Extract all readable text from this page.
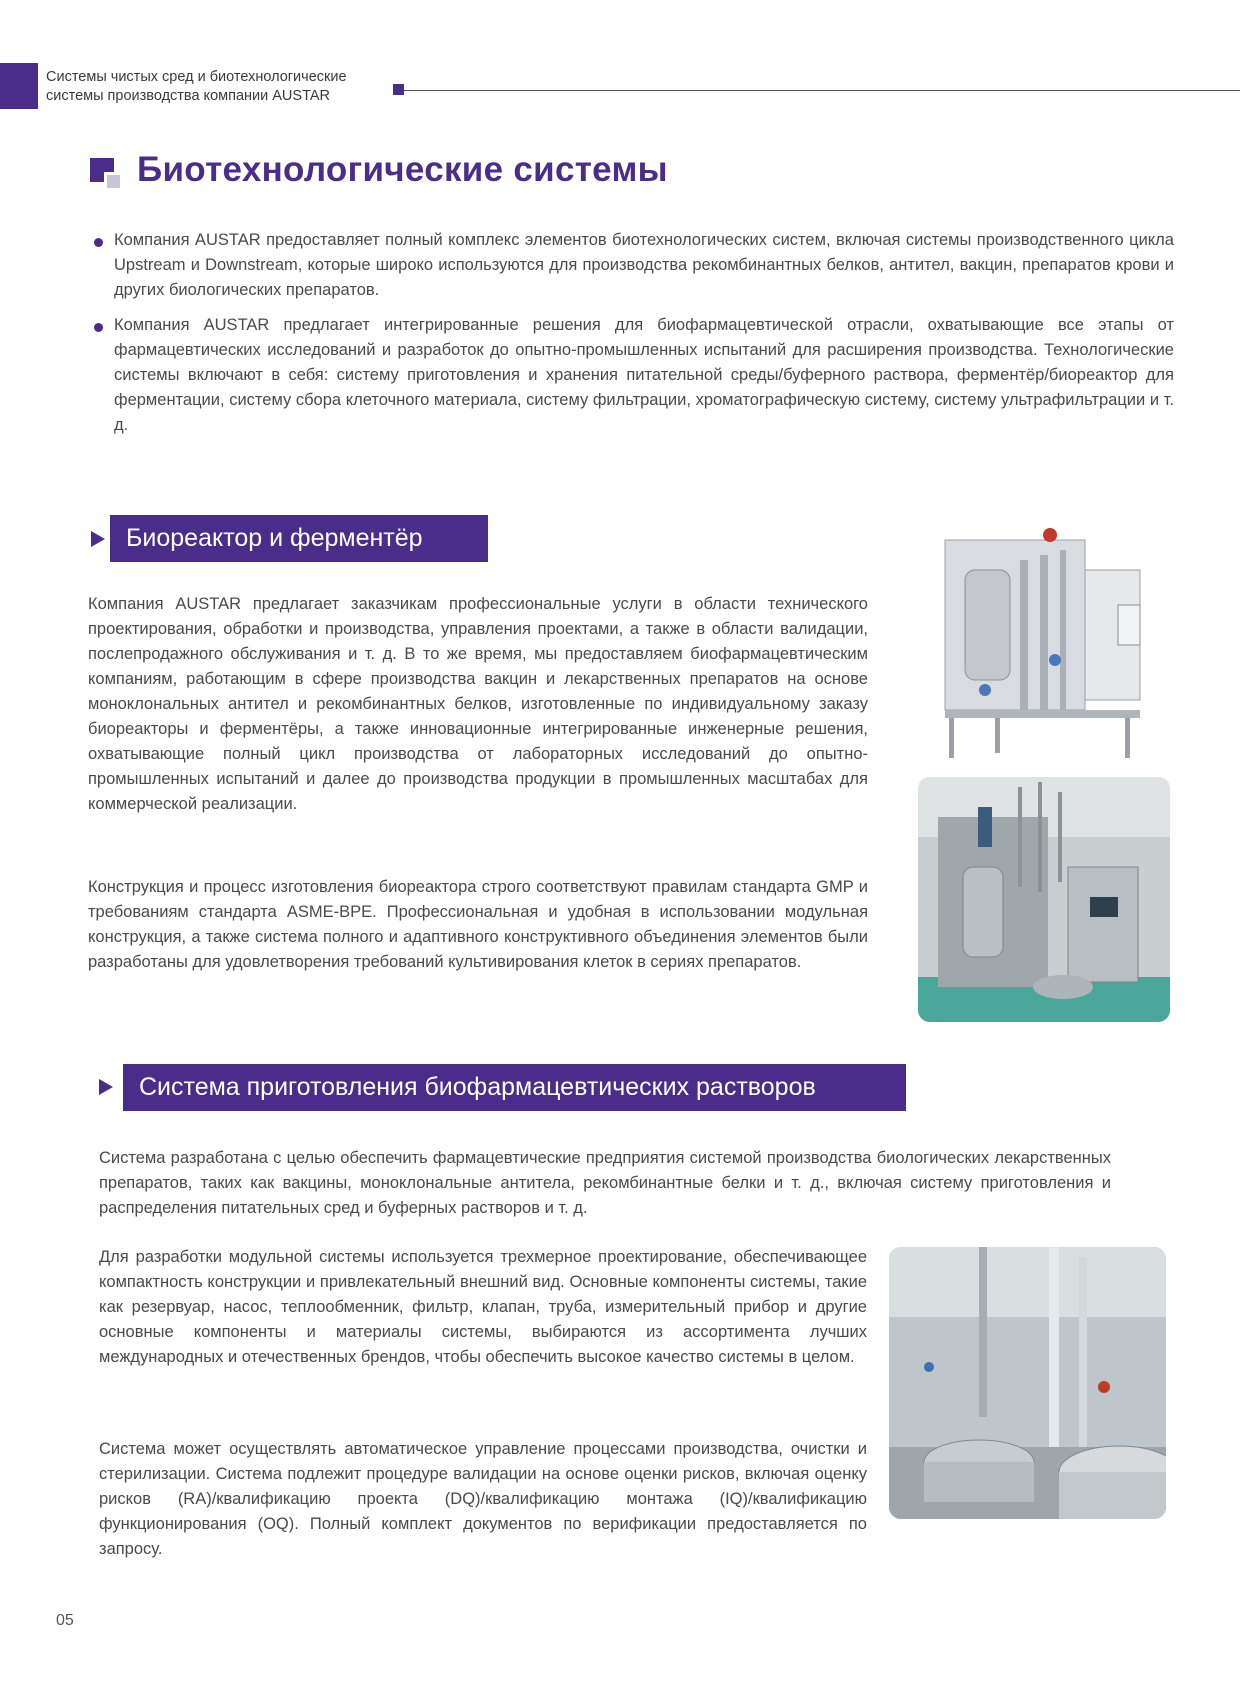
Системы чистых сред и биотехнологические
системы производства компании AUSTAR
Биотехнологические системы

Компания AUSTAR предоставляет полный комплекс элементов биотехнологических систем, включая системы производственного цикла Upstream и Downstream, которые широко используются для производства рекомбинантных белков, антител, вакцин, препаратов крови и других биологических препаратов.

Компания AUSTAR предлагает интегрированные решения для биофармацевтической отрасли, охватывающие все этапы от фармацевтических исследований и разработок до опытно-промышленных испытаний для расширения производства. Технологические системы включают в себя: систему приготовления и хранения питательной среды/буферного раствора, ферментёр/биореактор для ферментации, систему сбора клеточного материала, систему фильтрации, хроматографическую систему, систему ультрафильтрации и т. д.

Биореактор и ферментёр

Компания AUSTAR предлагает заказчикам профессиональные услуги в области технического проектирования, обработки и производства, управления проектами, а также в области валидации, послепродажного обслуживания и т. д. В то же время, мы предоставляем биофармацевтическим компаниям, работающим в сфере производства вакцин и лекарственных препаратов на основе моноклональных антител и рекомбинантных белков, изготовленные по индивидуальному заказу биореакторы и ферментёры, а также инновационные интегрированные инженерные решения, охватывающие полный цикл производства от лабораторных исследований до опытно-промышленных испытаний и далее до производства продукции в промышленных масштабах для коммерческой реализации.

Конструкция и процесс изготовления биореактора строго соответствуют правилам стандарта GMP и требованиям стандарта ASME-BPE. Профессиональная и удобная в использовании модульная конструкция, а также система полного и адаптивного конструктивного объединения элементов были разработаны для удовлетворения требований культивирования клеток в сериях препаратов.

Система приготовления биофармацевтических растворов

Система разработана с целью обеспечить фармацевтические предприятия системой производства биологических лекарственных препаратов, таких как вакцины, моноклональные антитела, рекомбинантные белки и т. д., включая систему приготовления и распределения питательных сред и буферных растворов и т. д.

Для разработки модульной системы используется трехмерное проектирование, обеспечивающее компактность конструкции и привлекательный внешний вид. Основные компоненты системы, такие как резервуар, насос, теплообменник, фильтр, клапан, труба, измерительный прибор и другие основные компоненты и материалы системы, выбираются из ассортимента лучших международных и отечественных брендов, чтобы обеспечить высокое качество системы в целом.

Система может осуществлять автоматическое управление процессами производства, очистки и стерилизации. Система подлежит процедуре валидации на основе оценки рисков, включая оценку рисков (RA)/квалификацию проекта (DQ)/квалификацию монтажа (IQ)/квалификацию функционирования (OQ). Полный комплект документов по верификации предоставляется по запросу.

05
